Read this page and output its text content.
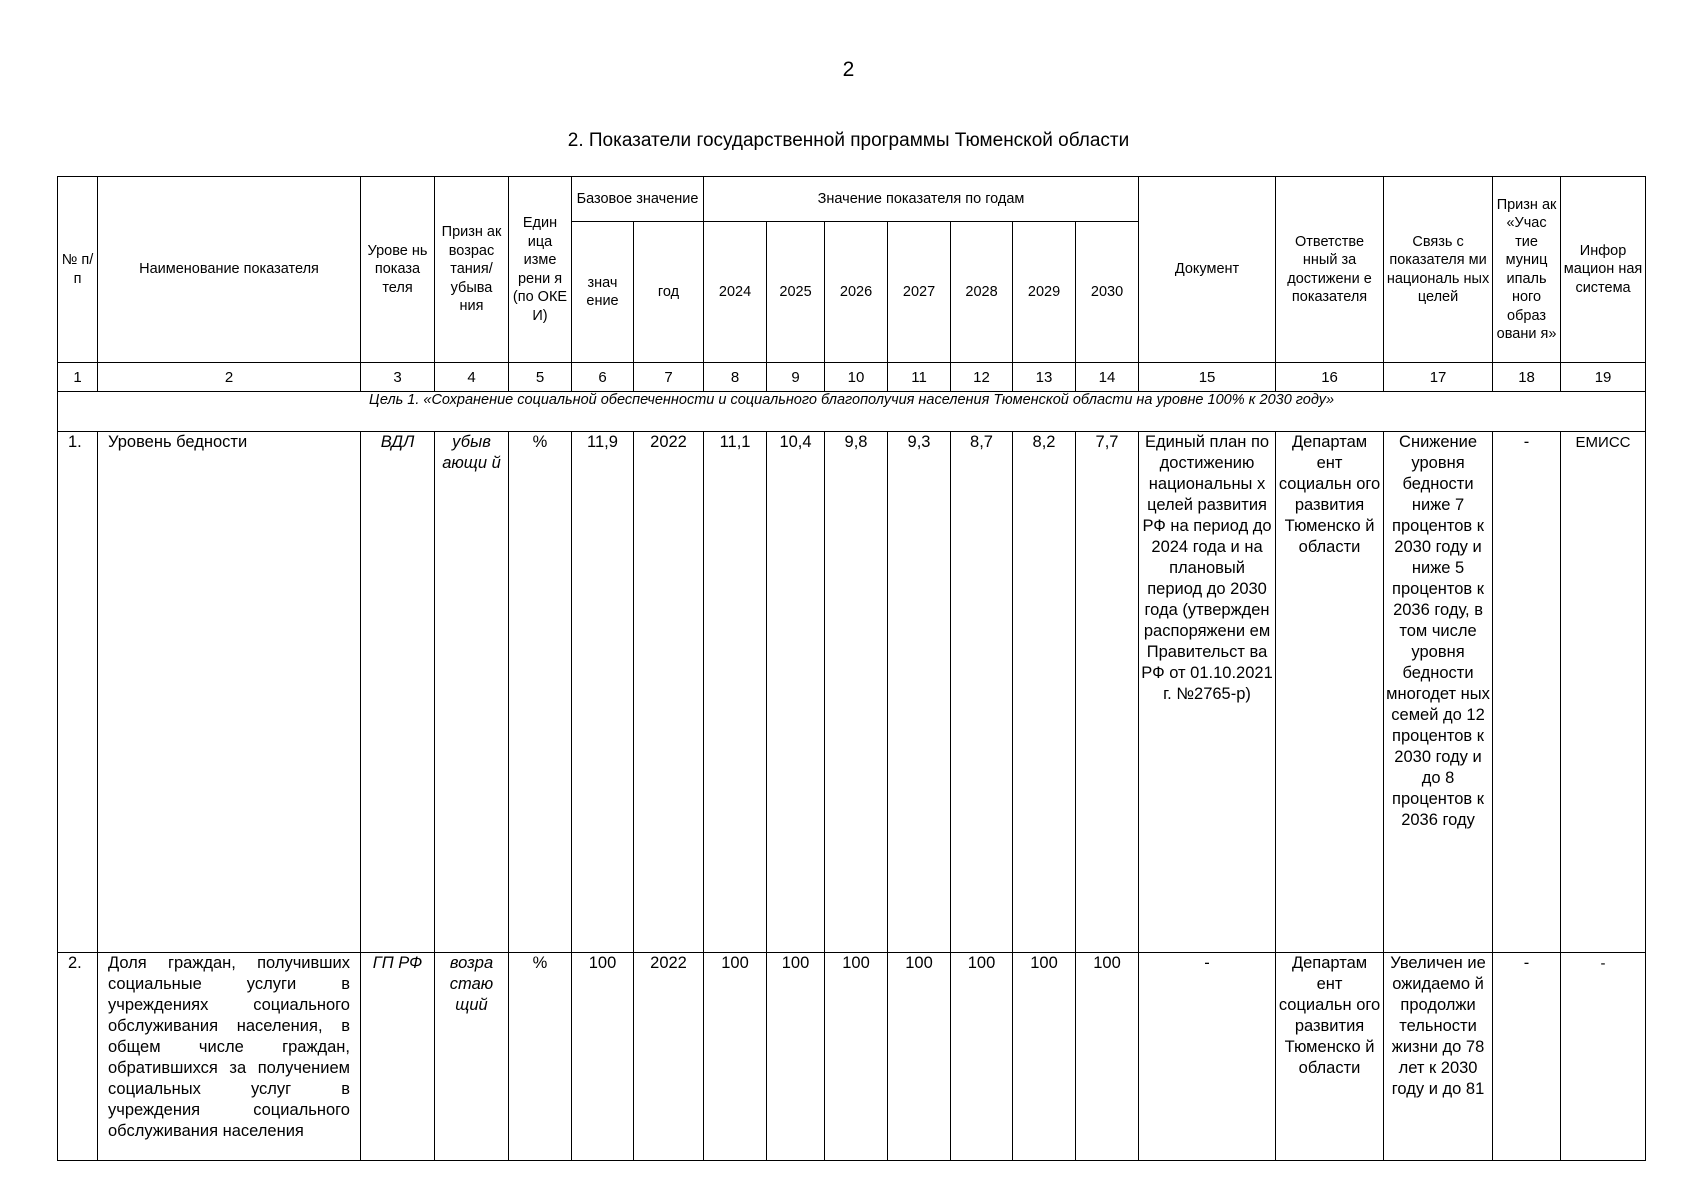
2
2. Показатели государственной программы Тюменской области
№ п/ п	Наименование показателя	Урове нь показа теля	Призн ак возрас тания/ убыва ния	Един ица изме рени я (по ОКЕ И)	Базовое значение		Значение показателя по годам							Документ	Ответстве нный за достижени е показателя	Связь с показателя ми националь ных целей	Призн ак «Учас тие муниц ипаль ного образ овани я»	Инфор мацион ная система
					знач ение	год	2024	2025	2026	2027	2028	2029	2030					
1	2	3	4	5	6	7	8	9	10	11	12	13	14	15	16	17	18	19
Цель 1. «Сохранение социальной обеспеченности и социального благополучия населения Тюменской области на уровне 100% к 2030 году»																		
1.	Уровень бедности	ВДЛ	убыв ающи й	%	11,9	2022	11,1	10,4	9,8	9,3	8,7	8,2	7,7	Единый план по достижению национальны х целей развития РФ на период до 2024 года и на плановый период до 2030 года (утвержден распоряжени ем Правительст ва РФ от 01.10.2021 г. №2765-р)	Департам ент социальн ого развития Тюменско й области	Снижение уровня бедности ниже 7 процентов к 2030 году и ниже 5 процентов к 2036 году, в том числе уровня бедности многодет ных семей до 12 процентов к 2030 году и до 8 процентов к 2036 году	-	ЕМИСС
2.	Доля граждан, получивших социальные услуги в учреждениях социального обслуживания населения, в общем числе граждан, обратившихся за получением социальных услуг в учреждения социального обслуживания населения	ГП РФ	возра стаю щий	%	100	2022	100	100	100	100	100	100	100	-	Департам ент социальн ого развития Тюменско й области	Увеличен ие ожидаемо й продолжи тельности жизни до 78 лет к 2030 году и до 81	-	-
